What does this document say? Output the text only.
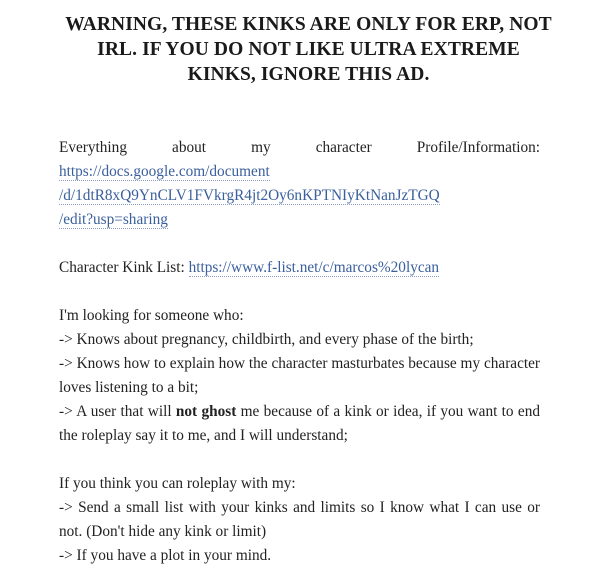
WARNING, THESE KINKS ARE ONLY FOR ERP, NOT
IRL. IF YOU DO NOT LIKE ULTRA EXTREME
KINKS, IGNORE THIS AD.

Everything about my character Profile/Information:
https://docs.google.com/document
/d/1dtR8xQ9YnCLV1FVkrgR4jt2Oy6nKPTNIyKtNanJzTGQ
/edit?usp=sharing

Character Kink List: https://www.f-list.net/c/marcos%20lycan

I'm looking for someone who:
-> Knows about pregnancy, childbirth, and every phase of the birth;
-> Knows how to explain how the character masturbates because my character loves listening to a bit;
-> A user that will not ghost me because of a kink or idea, if you want to end the roleplay say it to me, and I will understand;

If you think you can roleplay with my:
-> Send a small list with your kinks and limits so I know what I can use or not. (Don't hide any kink or limit)
-> If you have a plot in your mind.
